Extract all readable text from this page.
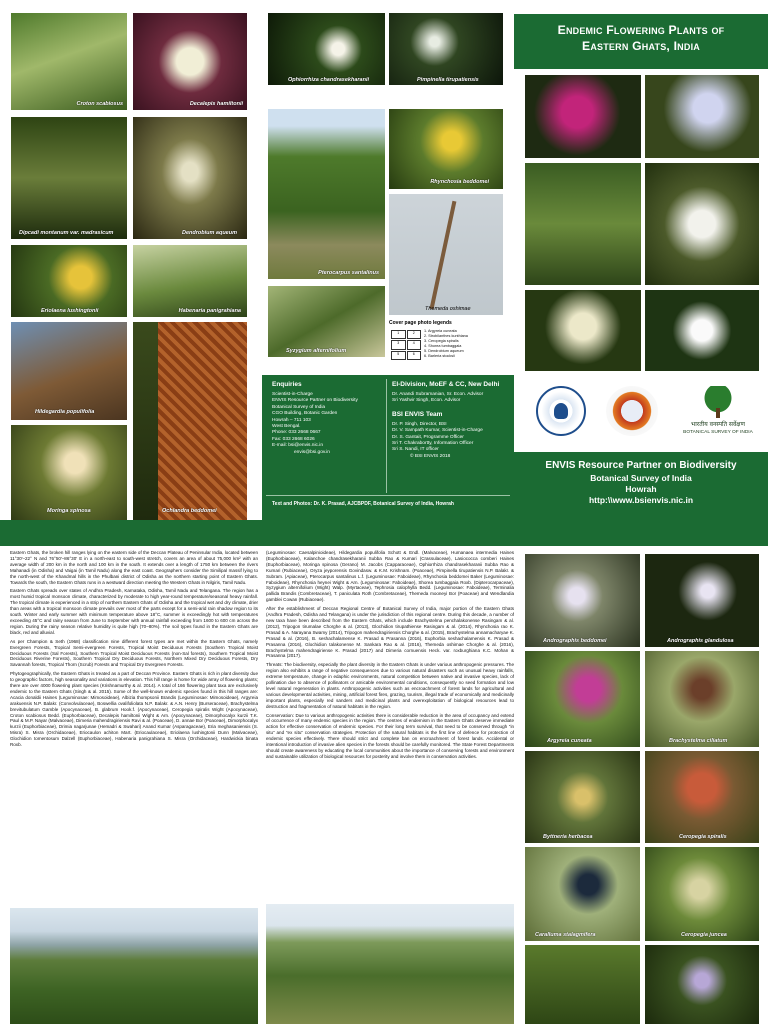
Croton scabiosus	Decalepis hamiltonii
Dipcadi montanum var. madrasicum	Dendrobium aqueum
Eriolaena lushingtonii	Habenaria panigrahiana
Hildegardia populifolia
Ochlandra beddomei
Moringa spinosa
Ophiorrhiza chandrasekharanii	Pimpinella tirupatiensis
Pterocarpus santalinus
Rhynchosia beddomei
Themeda oshimae
Syzygium alternifolium
Cover page photo legends
1	2
3	4
5	6
1. Argyreia cuneata
2. Strobilanthes kunthiana
3. Ceropegia spiralis
4. Shorea tumbaggaia
5. Dendrobium aqueum
6. Barleria stocksii
Enquiries
Scientist-in-Charge
ENVIS Resource Partner on Biodiversity
Botanical Survey of India
CGO Building, Botanic Garden
Howrah – 711 103
West Bengal.
Phone: 033 2668 0667
Fax: 033 2668 6026
E-mail: bsi@envis.nic.in
envis@bsi.gov.in
EI-Division, MoEF & CC, New Delhi
Dr. Anandi Subramanian, Sr. Econ. Advisor
Sri Yashvir Singh, Econ. Advisor
BSI ENVIS Team
Dr. P. Singh, Director, BSI
Dr. V. Sampath Kumar, Scientist-in-Charge
Dr. S. Gantait, Programme Officer
Sri T. Chakrabortty, Information Officer
Sri S. Nandi, IT officer
© BSI ENVIS 2018
Text and Photos: Dr. K. Prasad, AJCBPDF, Botanical Survey of India, Howrah
Endemic Flowering Plants of
Eastern Ghats, India
भारतीय वनस्पति सर्वेक्षण
BOTANICAL SURVEY OF INDIA
ENVIS Resource Partner on Biodiversity
Botanical Survey of India
Howrah
http:\\www.bsienvis.nic.in

Eastern Ghats, the broken hill ranges lying on the eastern side of the Deccan Plateau of Peninsular India, located between 11°30'–22° N and 76°50'–86°30' E in a north-east to south-west stretch, covers an area of about 75,000 km² with an average width of 200 km in the north and 100 km in the south. It extends over a length of 1750 km between the rivers Mahanadi (in Odisha) and Vaigai (in Tamil Nadu) along the east coast. Geographers consider the Similipal massif lying to the north-west of the Khandmal hills in the Phulbani district of Odisha as the northern starting point of Eastern Ghats. Towards the south, the Eastern Ghats runs in a westward direction meeting the Western Ghats in Nilgiris, Tamil Nadu.

Eastern Ghats spreads over states of Andhra Pradesh, Karnataka, Odisha, Tamil Nadu and Telangana. The region has a most humid tropical monsoon climate, characterized by moderate to high year-round temperature/seasonal heavy rainfall. The tropical climate is experienced in a strip of northern Eastern Ghats of Odisha and the tropical wet and dry climate, drier than areas with a tropical monsoon climate prevails over most of the parts except for a semi-arid rain shadow region to its south. Winter and early summer with minimum temperature above 18°C, summer is exceedingly hot with temperatures exceeding 45°C and rainy season from June to September with annual rainfall exceeding from 1600 to 600 cm across the region. During the rainy season relative humidity is quite high (70–80%). The soil types found in the Eastern Ghats are black, red and alluvial.

As per Champion & Seth (1968) classification nine different forest types are met within the Eastern Ghats, namely Evergreen Forests, Tropical Semi-evergreen Forests, Tropical Moist Deciduous Forests (Southern Tropical Moist Deciduous Forests (Sal Forests), Southern Tropical Moist Deciduous Forests (non-Sal forests), Southern Tropical Moist Deciduous Riverine Forests), Southern Tropical Dry Deciduous Forests, Northern Mixed Dry Deciduous Forests, Dry Savannah forests, Tropical Thorn (Scrub) Forests and Tropical Dry Evergreen Forests.

Phytogeographically, the Eastern Ghats is treated as a part of Deccan Province. Eastern Ghats is rich in plant diversity due to geographic factors, high seasonality and variations in elevation. This hill range is home for wide array of flowering plants; there are over 4000 flowering plant species (Krishnamurthy & al. 2014). A total of 166 flowering plant taxa are exclusively endemic to the Eastern Ghats (Singh & al. 2015). Some of the well-known endemic species found in this hill ranges are: Acacia donaldii Haines (Leguminosae: Mimosoideae), Albizia thompsonii Brandis (Leguminosae: Mimosoideae), Argyreia arakuensis N.P. Balakr. (Convolvulaceae), Boswellia ovalifoliolata N.P. Balakr. & A.N. Henry (Burseraceae), Brachystelma brevitubulatum Gamble (Apocynaceae), B. glabrum Hook.f. (Apocynaceae), Ceropegia spiralis Wight (Apocynaceae), Croton scabiosus Bedd. (Euphorbiaceae), Decalepis hamiltonii Wight & Arn. (Apocynaceae), Dimorphocalyx kurzii T.K. Paul & M.P. Nayar (Malvaceae), Dimeria mahendragiriensis Ravi & al. (Poaceae), D. annae Bor (Poaceae), Dimorphocalyx kurzii (Euphorbiaceae), Drimia nagarjunae (Hemadri & Swahari) Anand Kumar (Asparagaceae), Eria meghasaniensis (S. Misra) S. Misra (Orchidaceae), Eriocaulon achiton Mart. (Eriocaulaceae), Eriolaena lushingtonii Dunn (Malvaceae), Glochidion tomentosum Dalzell (Euphorbiaceae), Habenaria panigrahiana S. Misra (Orchidaceae), Hardwickia binata Roxb.

(Leguminosae: Caesalpinioideae), Hildegardia populifolia Schott & Endl. (Malvaceae), Humanaea intermedia Haines (Euphorbiaceae), Kalanchoe chandrasekharanii Subba Rao & Kumari (Crassulaceae), Lasiococca comberi Haines (Euphorbiaceae), Moringa spinosa (Gerano) M. Jacobs (Capparaceae), Ophiorrhiza chandrasekharanii Subba Rao & Kumari (Rubiaceae), Oryza jeyporensis Govindasw. & K.M. Krishnam. (Poaceae), Pimpinella tirupatiensis N.P. Balakr. & Subram. (Apiaceae), Pterocarpus santalinus L.f. (Leguminosae: Faboideae), Rhynchosia beddomei Baker (Leguminosae: Faboideae), Rhynchosia heynei Wight & Arn. (Leguminosae: Faboideae), Shorea tumbaggaia Roxb. (Dipterocarpaceae), Syzygium alternifolium (Wight) Walp. (Myrtaceae), Tephrosia calophylla Bedd. (Leguminosae: Faboideae), Terminalia pallida Brandis (Combretaceae), T. paniculata Roth (Combretaceae), Themeda mooneyi Bor (Poaceae) and Wendlandia gamblei Cowan (Rubiaceae).

After the establishment of Deccan Regional Centre of Botanical Survey of India, major portion of the Eastern Ghats (Andhra Pradesh, Odisha and Telangana) is under the jurisdiction of this regional centre. During this decade, a number of new taxa have been described from the Eastern Ghats, which include Brachystelma penchalakonense Rasingam & al. (2012), Tripogon tirumalae Chorghe & al. (2013), Glochidion tirupathiense Rasingam & al. (2014), Rhynchosia rao K. Prasad & A. Narayana Swamy (2014), Tripogon mahendragiriensis Chorghe & al. (2015), Brachystelma annamacharyae K. Prasad & al. (2016), B. seshachalamense K. Prasad & Prasanna (2016), Euphorbia seshachalamensis K. Prasad & Prasanna (2016), Glochidion talakonense M. Sankara Rao & al. (2016), Themeda oshimae Chorghe & al. (2016), Brachystelma mahendragiriense K. Prasad (2017) and Dimeria cornuensis Heck. var. roxburghiana K.C. Mohan & Prasanna (2017).

Threats: The biodiversity, especially the plant diversity in the Eastern Ghats is under various anthropogenic pressures. The region also exhibits a range of negative consequences due to various natural disasters such as unusual heavy rainfalls, extreme temperature, change in edaphic environments, natural competition between native and invasive species, lack of pollination due to absence of pollinators or amicable environmental conditions, consequently no seed formation and low level natural regeneration in plants. Anthropogenic activities such as encroachment of forest lands for agricultural and various developmental activities, mining, artificial forest fires, grazing, tourism, illegal trade of economically and medicinally important plants, especially red sanders and medicinal plants and overexploitation of biological resources lead to destruction and fragmentation of natural habitats in the region.

Conservation: Due to various anthropogenic activities there is considerable reduction in the area of occupancy and extend of occurrence of many endemic species in the region. The centres of endemism in the Eastern Ghats deserve immediate action for effective conservation of endemic species. For their long term survival, that need to be conserved through “in situ” and “ex situ” conservation strategies. Protection of the natural habitats is the first line of defence for protection of endemic species effectively. There should strict and complete ban on encroachment of forest lands. Accidental or intentional introduction of invasive alien species in the forests should be carefully monitored. The State Forest Departments should create awareness by educating the local communities about the importance of conserving forests and environment and sustainable utilization of biological resources for posterity and involve them in conservation activities.

Andrographis beddomei	Andrographis glandulosa
Argyreia cuneata	Brachystelma ciliatum
Byttneria herbacea	Ceropegia spiralis
Caralluma stalagmifera	Ceropegia juncea
